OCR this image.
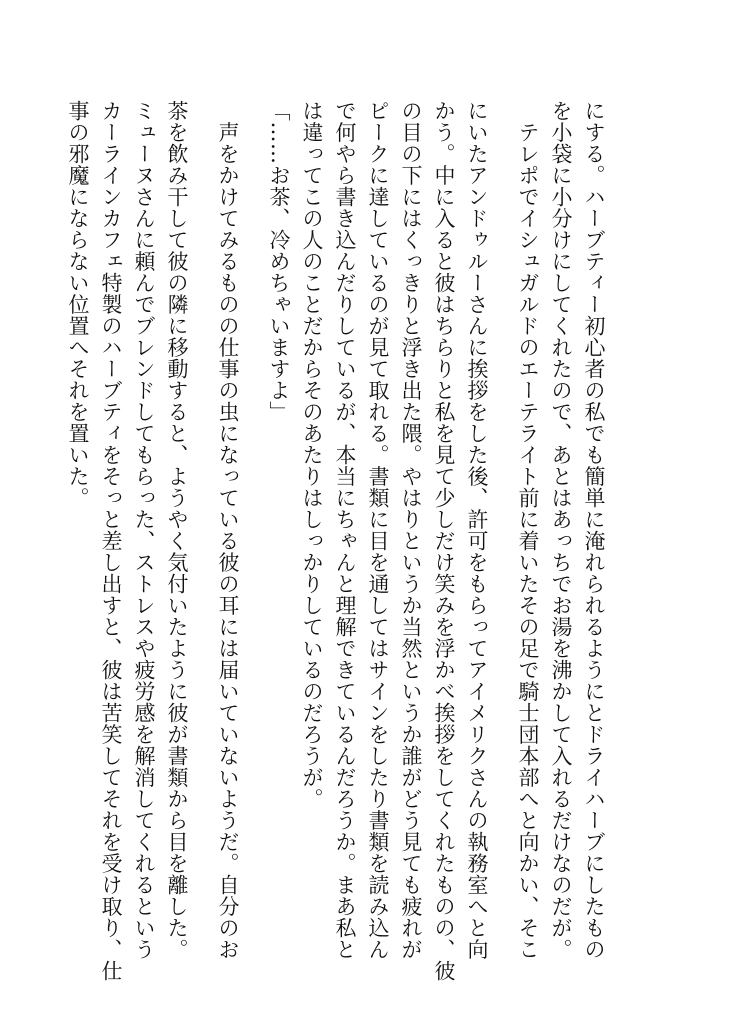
にする。ハーブティー初心者の私でも簡単に淹れられるようにとドライハーブにしたもの

を小袋に小分けにしてくれたので、あとはあっちでお湯を沸かして入れるだけなのだが。

　テレポでイシュガルドのエーテライト前に着いたその足で騎士団本部へと向かい、そこ

にいたアンドゥルーさんに挨拶をした後、許可をもらってアイメリクさんの執務室へと向

かう。中に入ると彼はちらりと私を見て少しだけ笑みを浮かべ挨拶をしてくれたものの、彼

の目の下にはくっきりと浮き出た隈。やはりというか当然というか誰がどう見ても疲れが

ピークに達しているのが見て取れる。書類に目を通してはサインをしたり書類を読み込ん

で何やら書き込んだりしているが、本当にちゃんと理解できているんだろうか。まあ私と

は違ってこの人のことだからそのあたりはしっかりしているのだろうが。

「……お茶、冷めちゃいますよ」

　声をかけてみるものの仕事の虫になっている彼の耳には届いていないようだ。自分のお

茶を飲み干して彼の隣に移動すると、ようやく気付いたように彼が書類から目を離した。

ミューヌさんに頼んでブレンドしてもらった、ストレスや疲労感を解消してくれるという

カーラインカフェ特製のハーブティをそっと差し出すと、彼は苦笑してそれを受け取り、仕

事の邪魔にならない位置へそれを置いた。
